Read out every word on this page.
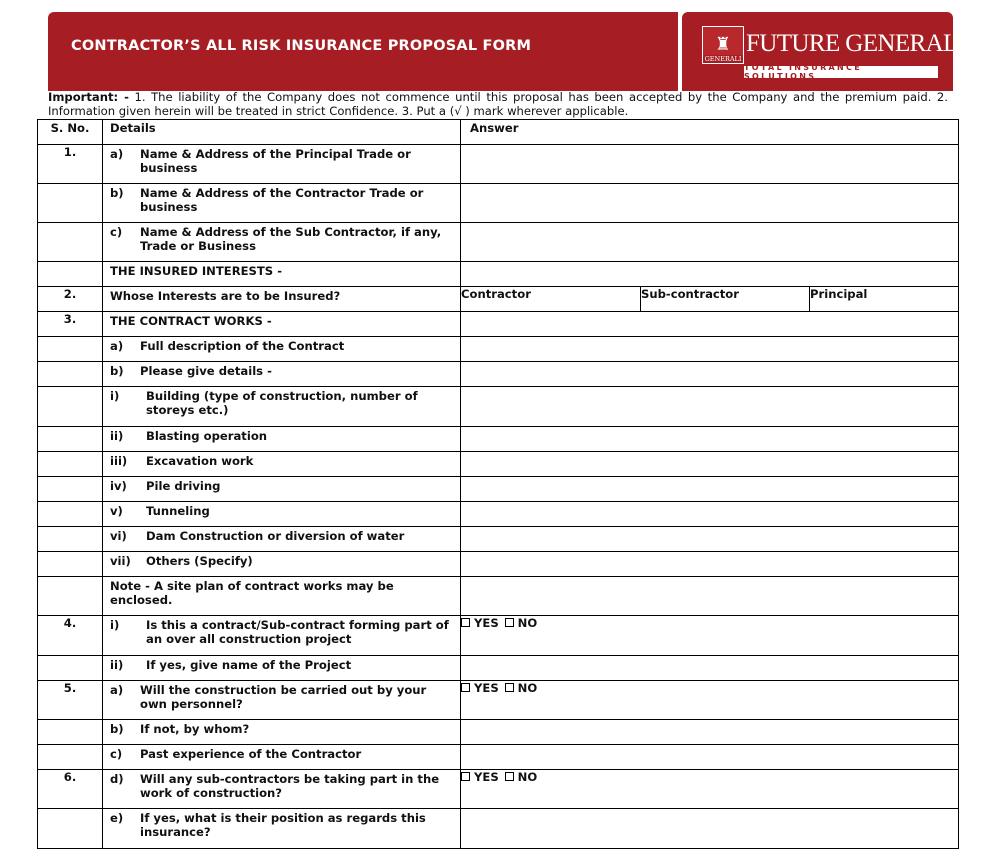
CONTRACTOR’S ALL RISK INSURANCE PROPOSAL FORM	♜
GENERALI
FUTURE GENERALI
TOTAL INSURANCE SOLUTIONS
Important: - 1. The liability of the Company does not commence until this proposal has been accepted by the Company and the premium paid. 2. Information given herein will be treated in strict Confidence. 3. Put a (√ ) mark wherever applicable.
S. No.	Details	Answer		
1.	a) Name & Address of the Principal Trade or business			

	b) Name & Address of the Contractor Trade or business			

	c) Name & Address of the Sub Contractor, if any, Trade or Business			

	THE INSURED INTERESTS -			

2.	Whose Interests are to be Insured?	Contractor	Sub-contractor	Principal
3.	THE CONTRACT WORKS -			

	a) Full description of the Contract			

	b) Please give details -			

	i) Building (type of construction, number of storeys etc.)			

	ii) Blasting operation			

	iii) Excavation work			

	iv) Pile driving			

	v) Tunneling			

	vi) Dam Construction or diversion of water			

	vii) Others (Specify)			

	Note - A site plan of contract works may be enclosed.			

4.	i) Is this a contract/Sub-contract forming part of an over all construction project	YES NO		

	ii) If yes, give name of the Project			

5.	a) Will the construction be carried out by your own personnel?	YES NO		

	b) If not, by whom?			

	c) Past experience of the Contractor			

6.	d) Will any sub-contractors be taking part in the work of construction?	YES NO		

	e) If yes, what is their position as regards this insurance?			
